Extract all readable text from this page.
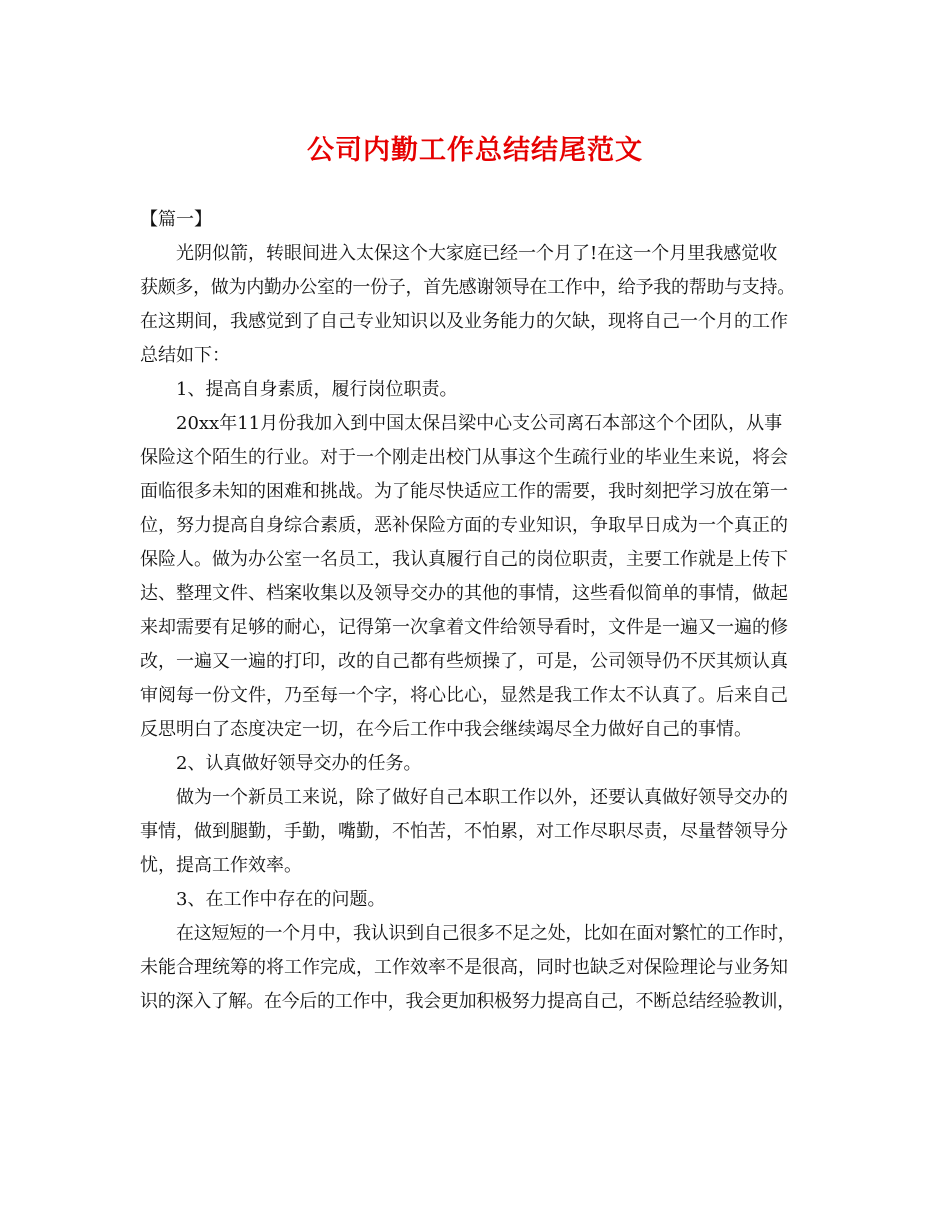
公司内勤工作总结结尾范文
【篇一】
光阴似箭，转眼间进入太保这个大家庭已经一个月了!在这一个月里我感觉收
获颇多，做为内勤办公室的一份子，首先感谢领导在工作中，给予我的帮助与支持。
在这期间，我感觉到了自己专业知识以及业务能力的欠缺，现将自己一个月的工作
总结如下：
1、提高自身素质，履行岗位职责。
20xx年11月份我加入到中国太保吕梁中心支公司离石本部这个个团队，从事
保险这个陌生的行业。对于一个刚走出校门从事这个生疏行业的毕业生来说，将会
面临很多未知的困难和挑战。为了能尽快适应工作的需要，我时刻把学习放在第一
位，努力提高自身综合素质，恶补保险方面的专业知识，争取早日成为一个真正的
保险人。做为办公室一名员工，我认真履行自己的岗位职责，主要工作就是上传下
达、整理文件、档案收集以及领导交办的其他的事情，这些看似简单的事情，做起
来却需要有足够的耐心，记得第一次拿着文件给领导看时，文件是一遍又一遍的修
改，一遍又一遍的打印，改的自己都有些烦操了，可是，公司领导仍不厌其烦认真
审阅每一份文件，乃至每一个字，将心比心，显然是我工作太不认真了。后来自己
反思明白了态度决定一切，在今后工作中我会继续竭尽全力做好自己的事情。
2、认真做好领导交办的任务。
做为一个新员工来说，除了做好自己本职工作以外，还要认真做好领导交办的
事情，做到腿勤，手勤，嘴勤，不怕苦，不怕累，对工作尽职尽责，尽量替领导分
忧，提高工作效率。
3、在工作中存在的问题。
在这短短的一个月中，我认识到自己很多不足之处，比如在面对繁忙的工作时，
未能合理统筹的将工作完成，工作效率不是很高，同时也缺乏对保险理论与业务知
识的深入了解。在今后的工作中，我会更加积极努力提高自己，不断总结经验教训，
